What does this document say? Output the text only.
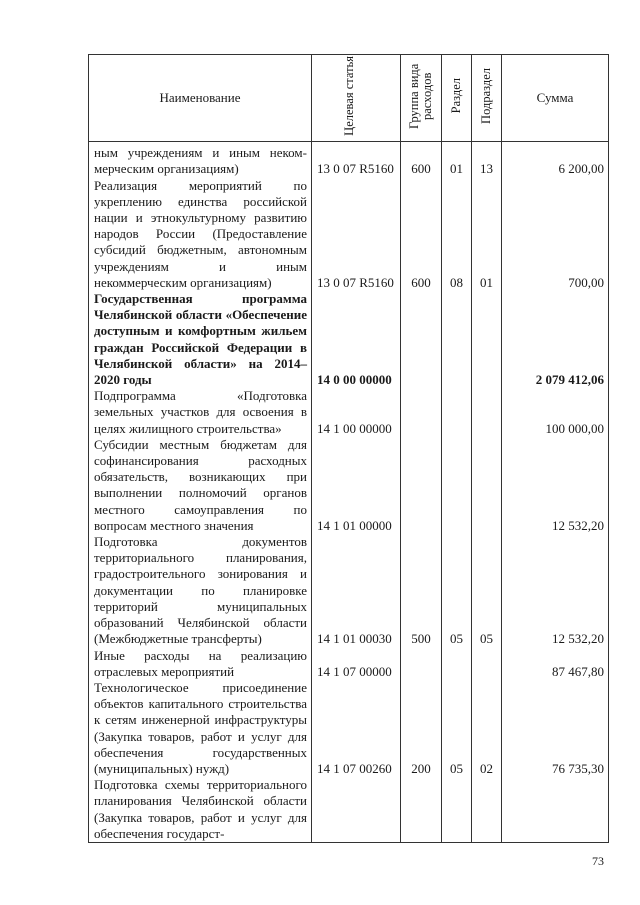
Наименование	Целевая статья	Группа вида расходов	Раздел	Подраздел	Сумма
ным учреждениям и иным неком-мерческим организациям)	13 0 07 R5160	600	01	13	6 200,00
Реализация мероприятий по укреплению единства российской нации и этнокультурному развитию народов России (Предоставление субсидий бюджетным, автономным учреждениям и иным некоммерческим организациям)	13 0 07 R5160	600	08	01	700,00
Государственная программа Челябинской области «Обеспечение доступным и комфортным жильем граждан Российской Федерации в Челябинской области» на 2014–2020 годы	14 0 00 00000				2 079 412,06
Подпрограмма «Подготовка земельных участков для освоения в целях жилищного строительства»	14 1 00 00000				100 000,00
Субсидии местным бюджетам для софинансирования расходных обязательств, возникающих при выполнении полномочий органов местного самоуправления по вопросам местного значения	14 1 01 00000				12 532,20
Подготовка документов территориального планирования, градостроительного зонирования и документации по планировке территорий муниципальных образований Челябинской области (Межбюджетные трансферты)	14 1 01 00030	500	05	05	12 532,20
Иные расходы на реализацию отраслевых мероприятий	14 1 07 00000				87 467,80
Технологическое присоединение объектов капитального строительства к сетям инженерной инфраструктуры (Закупка товаров, работ и услуг для обеспечения государственных (муниципальных) нужд)	14 1 07 00260	200	05	02	76 735,30
Подготовка схемы территориального планирования Челябинской области (Закупка товаров, работ и услуг для обеспечения государст-					
73
